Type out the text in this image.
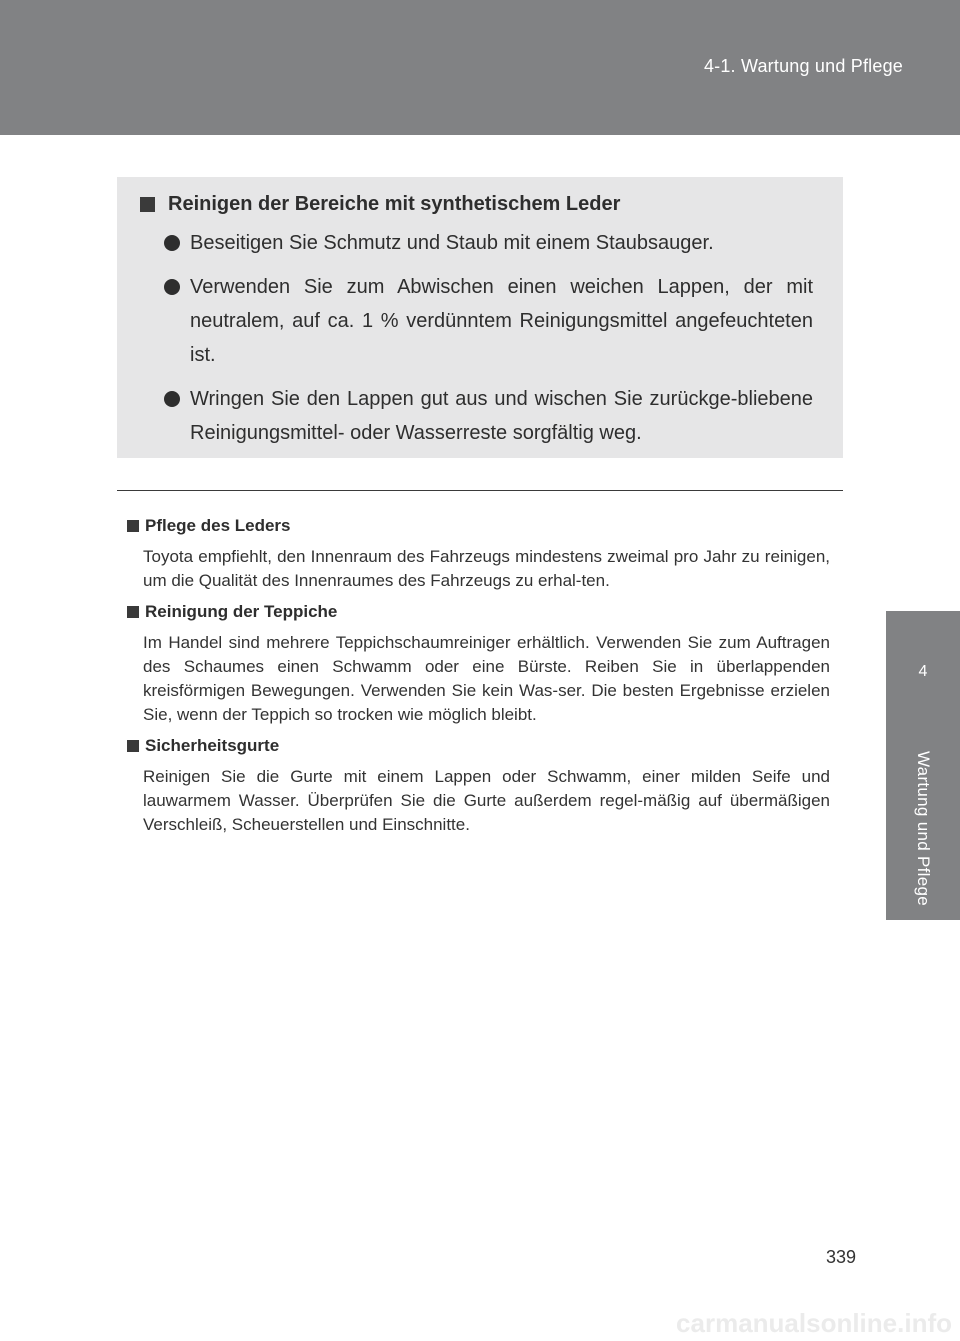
4-1. Wartung und Pflege
4
Wartung und Pflege
Reinigen der Bereiche mit synthetischem Leder
Beseitigen Sie Schmutz und Staub mit einem Staubsauger.
Verwenden Sie zum Abwischen einen weichen Lappen, der mit neutralem, auf ca. 1 % verdünntem Reinigungsmittel angefeuchteten ist.
Wringen Sie den Lappen gut aus und wischen Sie zurückge-bliebene Reinigungsmittel- oder Wasserreste sorgfältig weg.
Pflege des Leders
Toyota empfiehlt, den Innenraum des Fahrzeugs mindestens zweimal pro Jahr zu reinigen, um die Qualität des Innenraumes des Fahrzeugs zu erhal-ten.
Reinigung der Teppiche
Im Handel sind mehrere Teppichschaumreiniger erhältlich. Verwenden Sie zum Auftragen des Schaumes einen Schwamm oder eine Bürste. Reiben Sie in überlappenden kreisförmigen Bewegungen. Verwenden Sie kein Was-ser. Die besten Ergebnisse erzielen Sie, wenn der Teppich so trocken wie möglich bleibt.
Sicherheitsgurte
Reinigen Sie die Gurte mit einem Lappen oder Schwamm, einer milden Seife und lauwarmem Wasser. Überprüfen Sie die Gurte außerdem regel-mäßig auf übermäßigen Verschleiß, Scheuerstellen und Einschnitte.
339
carmanualsonline.info
